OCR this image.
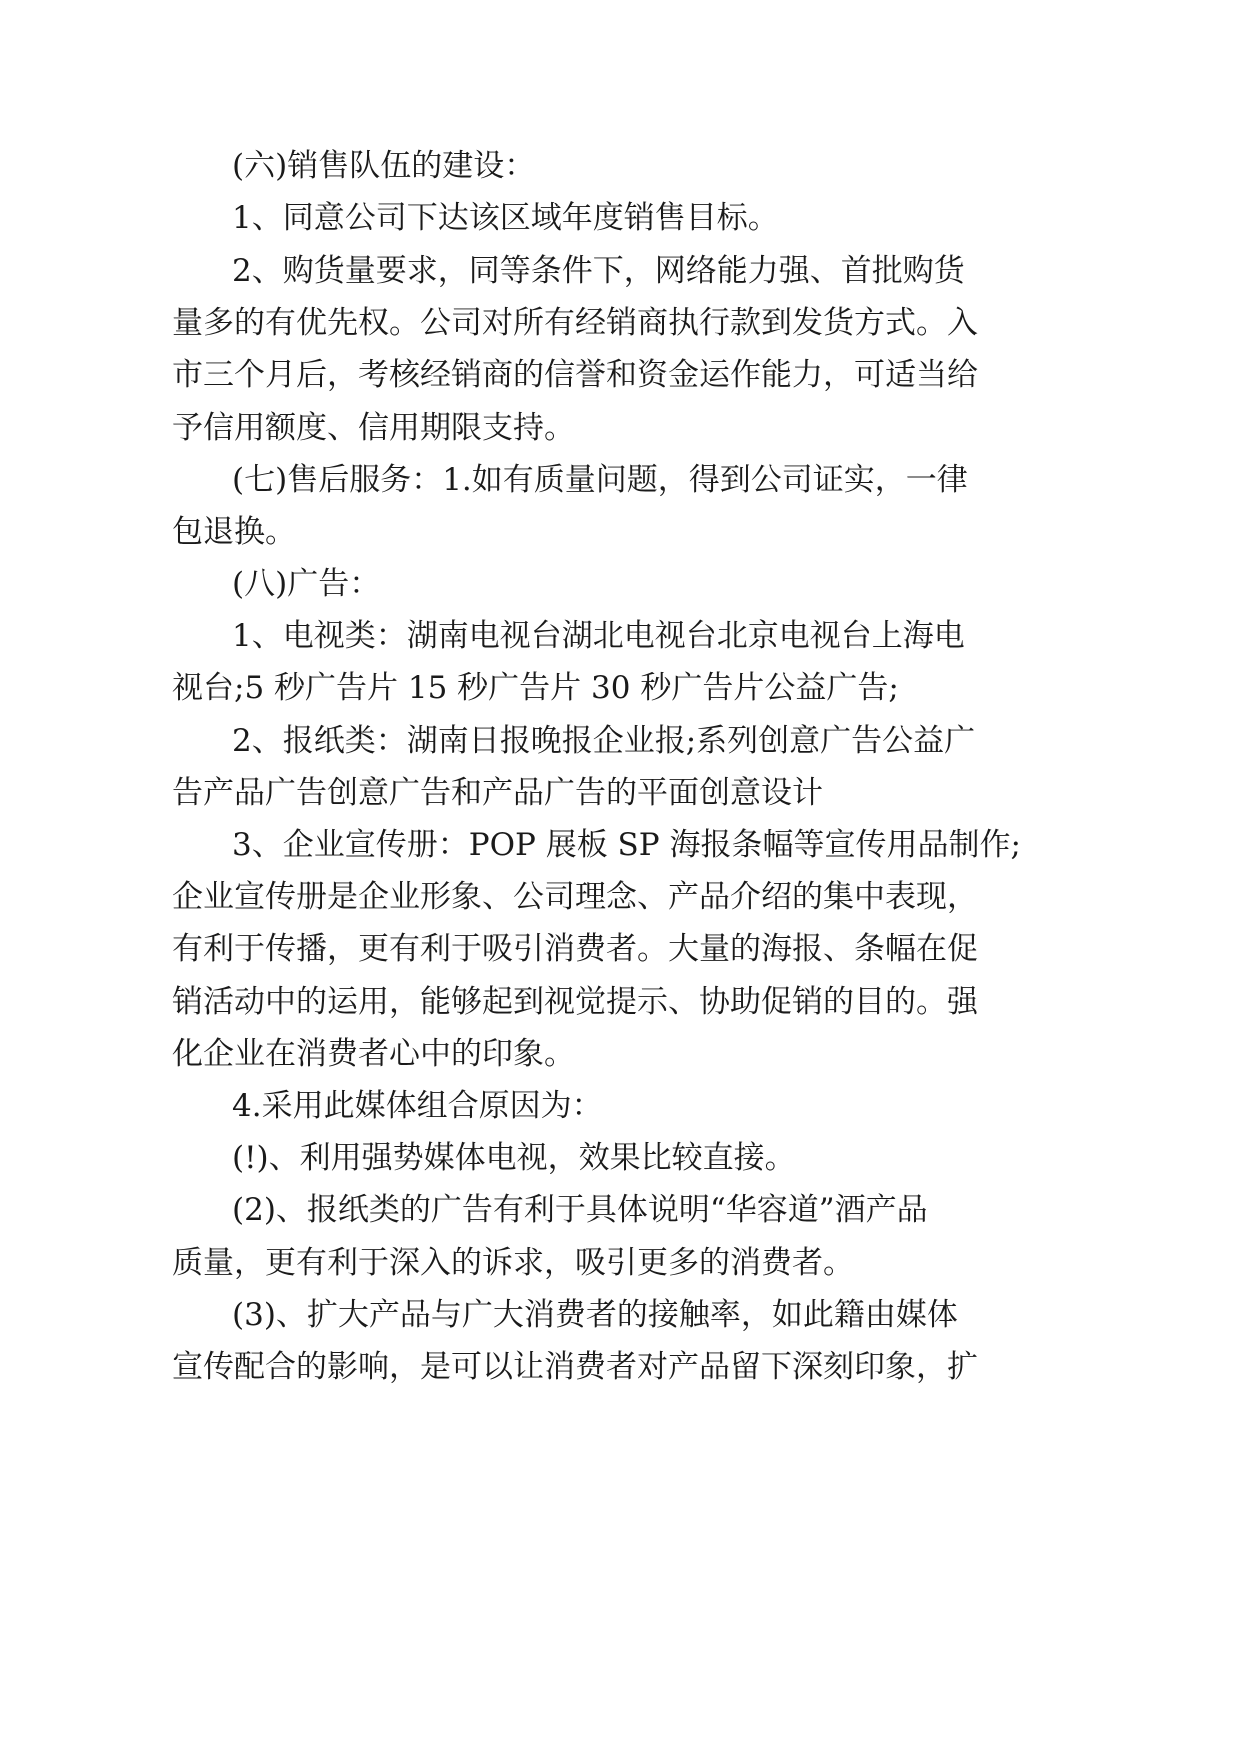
(六)销售队伍的建设：

1、同意公司下达该区域年度销售目标。

2、购货量要求，同等条件下，网络能力强、首批购货

量多的有优先权。公司对所有经销商执行款到发货方式。入

市三个月后，考核经销商的信誉和资金运作能力，可适当给

予信用额度、信用期限支持。

(七)售后服务：1.如有质量问题，得到公司证实，一律

包退换。

(八)广告：

1、电视类：湖南电视台湖北电视台北京电视台上海电

视台;5 秒广告片 15 秒广告片 30 秒广告片公益广告;

2、报纸类：湖南日报晚报企业报;系列创意广告公益广

告产品广告创意广告和产品广告的平面创意设计

3、企业宣传册：POP 展板 SP 海报条幅等宣传用品制作;

企业宣传册是企业形象、公司理念、产品介绍的集中表现，

有利于传播，更有利于吸引消费者。大量的海报、条幅在促

销活动中的运用，能够起到视觉提示、协助促销的目的。强

化企业在消费者心中的印象。

4.采用此媒体组合原因为：

(!)、利用强势媒体电视，效果比较直接。

(2)、报纸类的广告有利于具体说明“华容道”酒产品

质量，更有利于深入的诉求，吸引更多的消费者。

(3)、扩大产品与广大消费者的接触率，如此籍由媒体

宣传配合的影响，是可以让消费者对产品留下深刻印象，扩
